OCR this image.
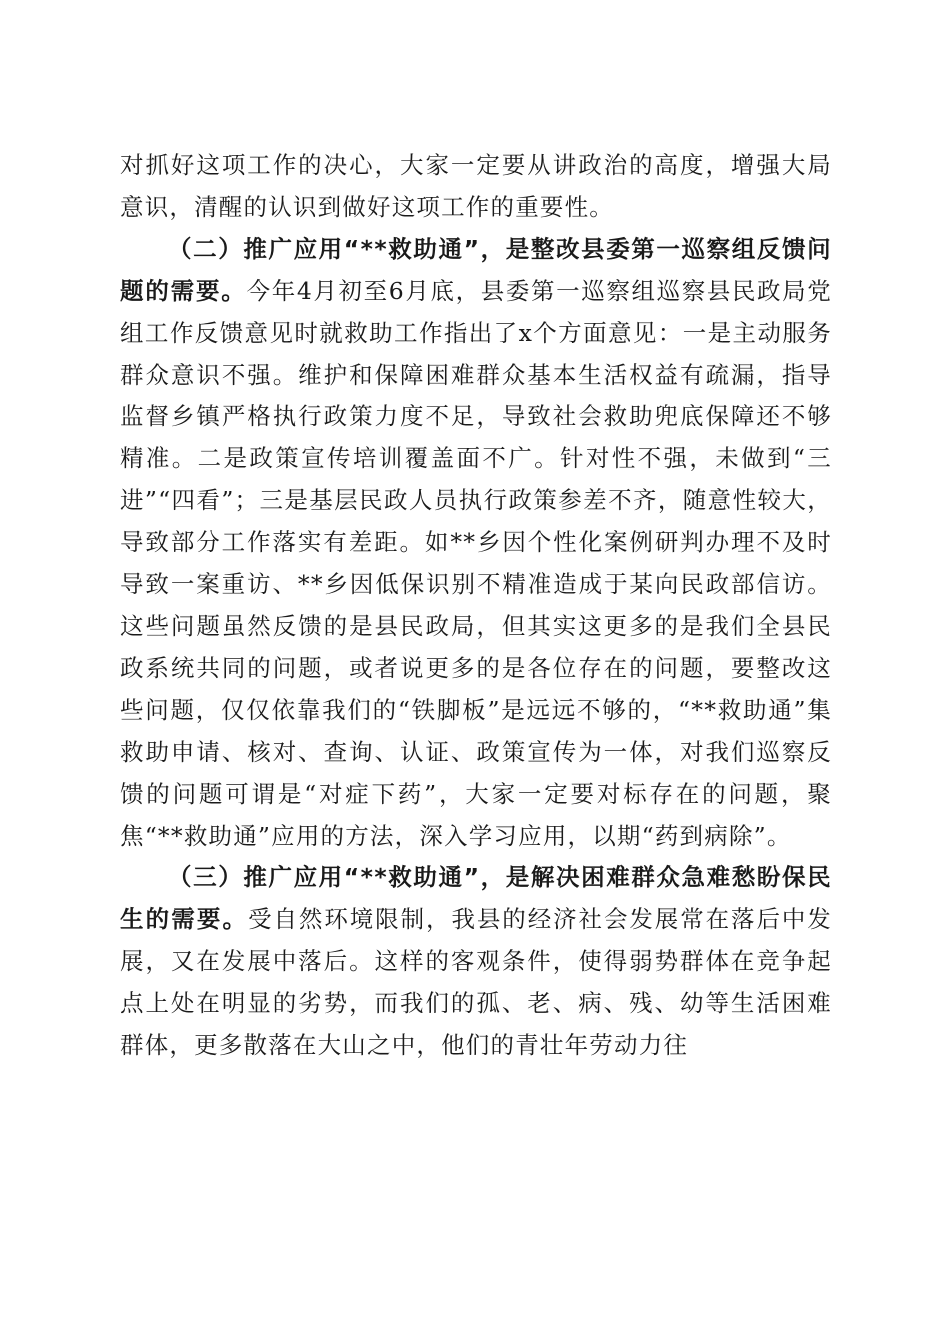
对抓好这项工作的决心，大家一定要从讲政治的高度，增强大局意识，清醒的认识到做好这项工作的重要性。

（二）推广应用“**救助通”，是整改县委第一巡察组反馈问题的需要。今年4月初至6月底，县委第一巡察组巡察县民政局党组工作反馈意见时就救助工作指出了x个方面意见：一是主动服务群众意识不强。维护和保障困难群众基本生活权益有疏漏，指导监督乡镇严格执行政策力度不足，导致社会救助兜底保障还不够精准。二是政策宣传培训覆盖面不广。针对性不强，未做到“三进”“四看”；三是基层民政人员执行政策参差不齐，随意性较大，导致部分工作落实有差距。如**乡因个性化案例研判办理不及时导致一案重访、**乡因低保识别不精准造成于某向民政部信访。这些问题虽然反馈的是县民政局，但其实这更多的是我们全县民政系统共同的问题，或者说更多的是各位存在的问题，要整改这些问题，仅仅依靠我们的“铁脚板”是远远不够的，“**救助通”集救助申请、核对、查询、认证、政策宣传为一体，对我们巡察反馈的问题可谓是“对症下药”，大家一定要对标存在的问题，聚焦“**救助通”应用的方法，深入学习应用，以期“药到病除”。

（三）推广应用“**救助通”，是解决困难群众急难愁盼保民生的需要。受自然环境限制，我县的经济社会发展常在落后中发展，又在发展中落后。这样的客观条件，使得弱势群体在竞争起点上处在明显的劣势，而我们的孤、老、病、残、幼等生活困难群体，更多散落在大山之中，他们的青壮年劳动力往
